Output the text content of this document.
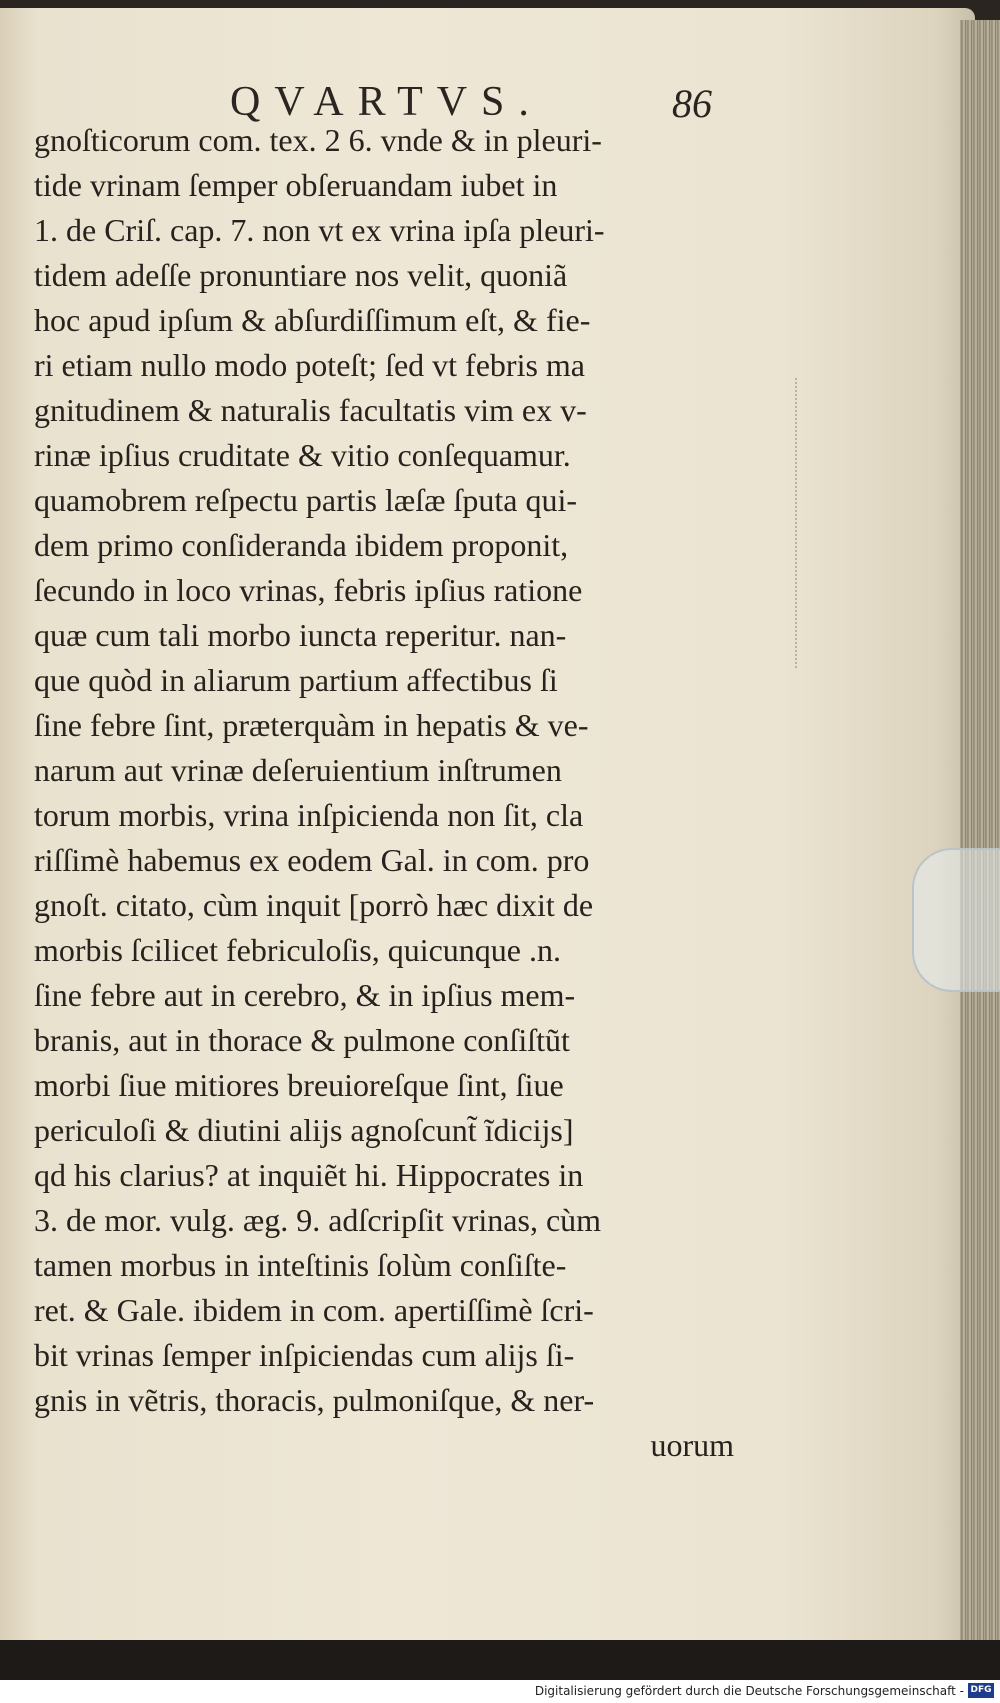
QVARTVS.	86
gnoſticorum com. tex. 2 6. vnde & in pleuri-
tide vrinam ſemper obſeruandam iubet in
1. de Criſ. cap. 7. non vt ex vrina ipſa pleuri-
tidem adeſſe pronuntiare nos velit, quoniã
hoc apud ipſum & abſurdiſſimum eſt, & fie-
ri etiam nullo modo poteſt; ſed vt febris ma
gnitudinem & naturalis facultatis vim ex v-
rinæ ipſius cruditate & vitio conſequamur.
quamobrem reſpectu partis læſæ ſputa qui-
dem primo conſideranda ibidem proponit,
ſecundo in loco vrinas, febris ipſius ratione
quæ cum tali morbo iuncta reperitur. nan-
que quòd in aliarum partium affectibus ſi
ſine febre ſint, præterquàm in hepatis & ve-
narum aut vrinæ deſeruientium inſtrumen
torum morbis, vrina inſpicienda non ſit, cla
riſſimè habemus ex eodem Gal. in com. pro
gnoſt. citato, cùm inquit [porrò hæc dixit de
morbis ſcilicet febriculoſis, quicunque .n.
ſine febre aut in cerebro, & in ipſius mem-
branis, aut in thorace & pulmone conſiſtũt
morbi ſiue mitiores breuioreſque ſint, ſiue
periculoſi & diutini alijs agnoſcunt̃ ĩdicijs]
qd his clarius? at inquiẽt hi. Hippocrates in
3. de mor. vulg. æg. 9. adſcripſit vrinas, cùm
tamen morbus in inteſtinis ſolùm conſiſte-
ret. & Gale. ibidem in com. apertiſſimè ſcri-
bit vrinas ſemper inſpiciendas cum alijs ſi-
gnis in vẽtris, thoracis, pulmoniſque, & ner-
uorum
Digitalisierung gefördert durch die Deutsche Forschungsgemeinschaft - DFG
